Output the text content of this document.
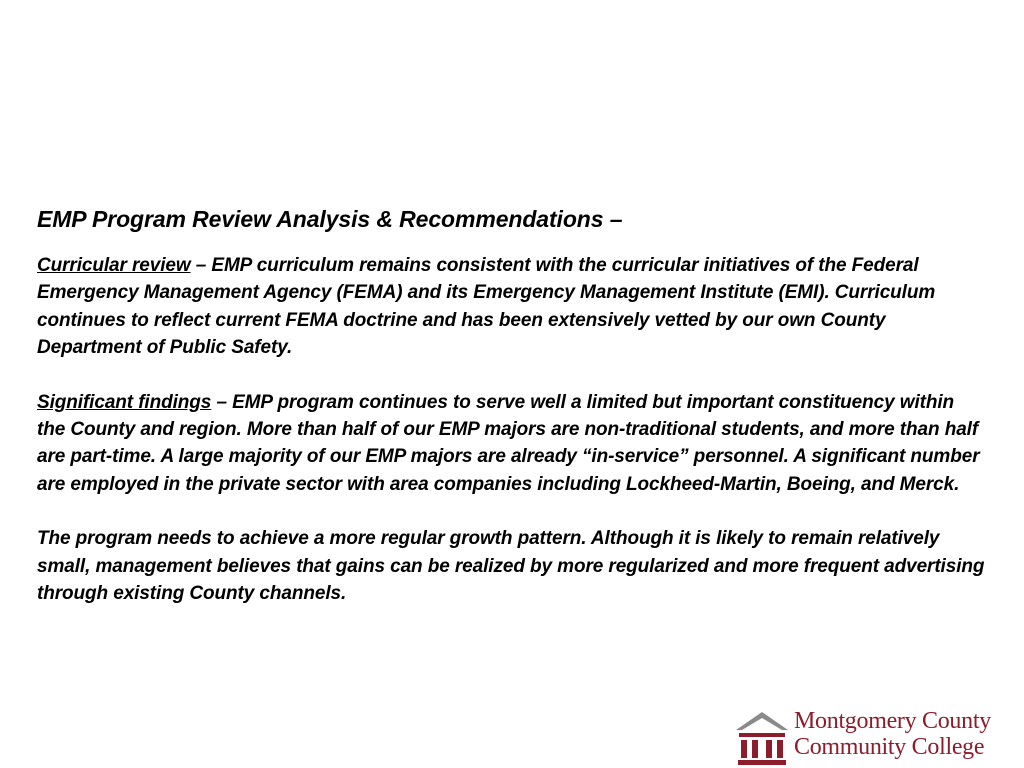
EMP Program Review Analysis & Recommendations –

Curricular review – EMP curriculum remains consistent with the curricular initiatives of the Federal Emergency Management Agency (FEMA) and its Emergency Management Institute (EMI). Curriculum continues to reflect current FEMA doctrine and has been extensively vetted by our own County Department of Public Safety.

Significant findings – EMP program continues to serve well a limited but important constituency within the County and region. More than half of our EMP majors are non-traditional students, and more than half are part-time. A large majority of our EMP majors are already “in-service” personnel. A significant number are employed in the private sector with area companies including Lockheed-Martin, Boeing, and Merck.

The program needs to achieve a more regular growth pattern. Although it is likely to remain relatively small, management believes that gains can be realized by more regularized and more frequent advertising through existing County channels.

Montgomery County
Community College
